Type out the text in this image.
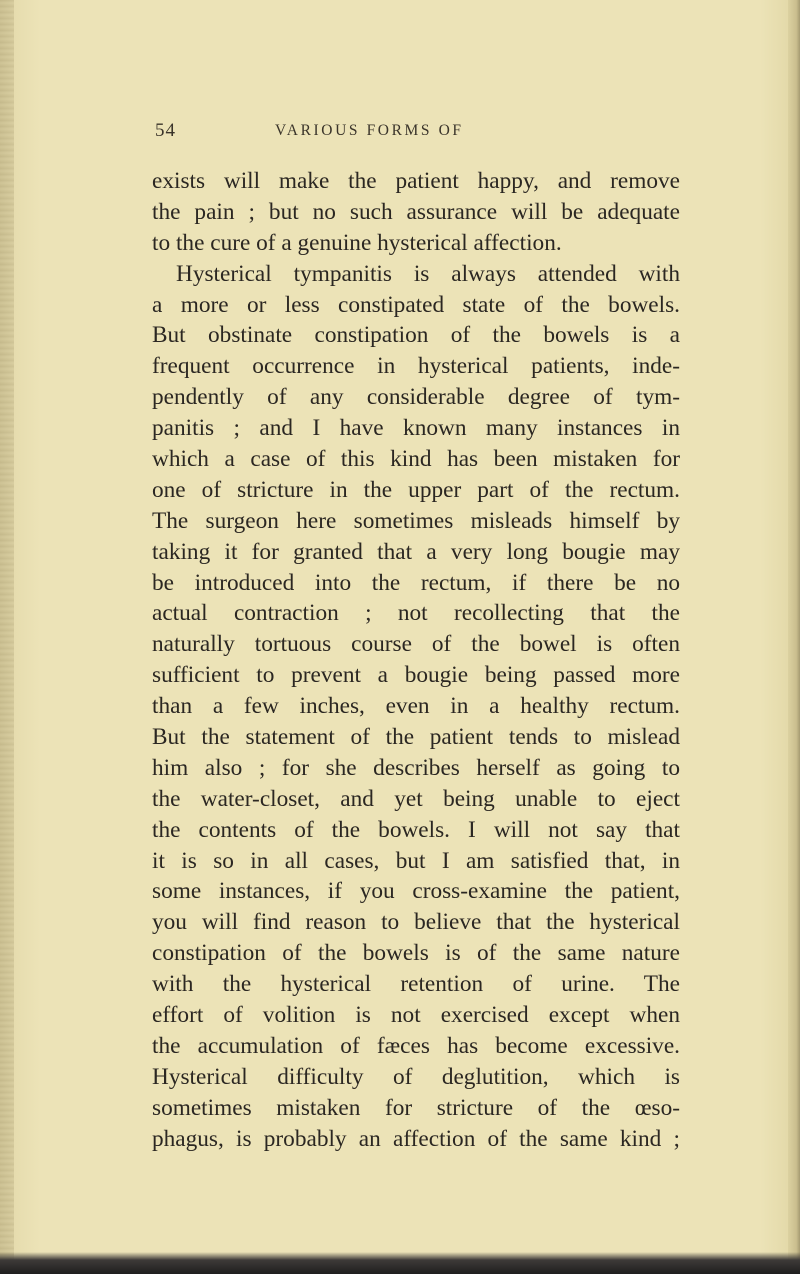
54	VARIOUS FORMS OF
exists will make the patient happy, and remove
the pain ; but no such assurance will be adequate
to the cure of a genuine hysterical affection.
Hysterical tympanitis is always attended with
a more or less constipated state of the bowels.
But obstinate constipation of the bowels is a
frequent occurrence in hysterical patients, inde-
pendently of any considerable degree of tym-
panitis ; and I have known many instances in
which a case of this kind has been mistaken for
one of stricture in the upper part of the rectum.
The surgeon here sometimes misleads himself by
taking it for granted that a very long bougie may
be introduced into the rectum, if there be no
actual contraction ; not recollecting that the
naturally tortuous course of the bowel is often
sufficient to prevent a bougie being passed more
than a few inches, even in a healthy rectum.
But the statement of the patient tends to mislead
him also ; for she describes herself as going to
the water-closet, and yet being unable to eject
the contents of the bowels. I will not say that
it is so in all cases, but I am satisfied that, in
some instances, if you cross-examine the patient,
you will find reason to believe that the hysterical
constipation of the bowels is of the same nature
with the hysterical retention of urine. The
effort of volition is not exercised except when
the accumulation of fæces has become excessive.
Hysterical difficulty of deglutition, which is
sometimes mistaken for stricture of the œso-
phagus, is probably an affection of the same kind ;
